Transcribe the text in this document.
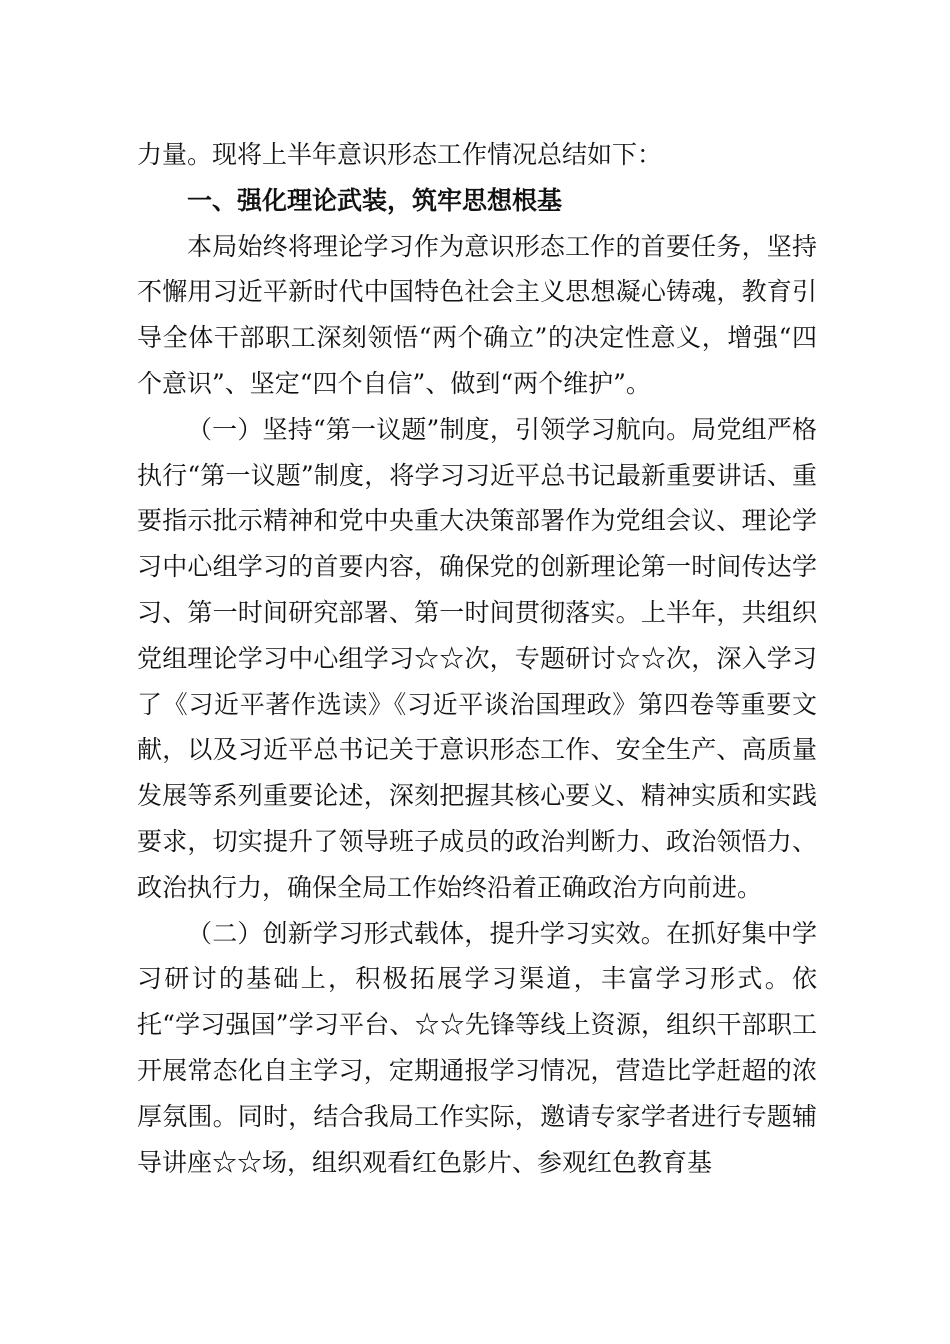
力量。现将上半年意识形态工作情况总结如下：

一、强化理论武装，筑牢思想根基

本局始终将理论学习作为意识形态工作的首要任务，坚持不懈用习近平新时代中国特色社会主义思想凝心铸魂，教育引导全体干部职工深刻领悟“两个确立”的决定性意义，增强“四个意识”、坚定“四个自信”、做到“两个维护”。

（一）坚持“第一议题”制度，引领学习航向。局党组严格执行“第一议题”制度，将学习习近平总书记最新重要讲话、重要指示批示精神和党中央重大决策部署作为党组会议、理论学习中心组学习的首要内容，确保党的创新理论第一时间传达学习、第一时间研究部署、第一时间贯彻落实。上半年，共组织党组理论学习中心组学习☆☆次，专题研讨☆☆次，深入学习了《习近平著作选读》《习近平谈治国理政》第四卷等重要文献，以及习近平总书记关于意识形态工作、安全生产、高质量发展等系列重要论述，深刻把握其核心要义、精神实质和实践要求，切实提升了领导班子成员的政治判断力、政治领悟力、政治执行力，确保全局工作始终沿着正确政治方向前进。

（二）创新学习形式载体，提升学习实效。在抓好集中学习研讨的基础上，积极拓展学习渠道，丰富学习形式。依托“学习强国”学习平台、☆☆先锋等线上资源，组织干部职工开展常态化自主学习，定期通报学习情况，营造比学赶超的浓厚氛围。同时，结合我局工作实际，邀请专家学者进行专题辅导讲座☆☆场，组织观看红色影片、参观红色教育基
